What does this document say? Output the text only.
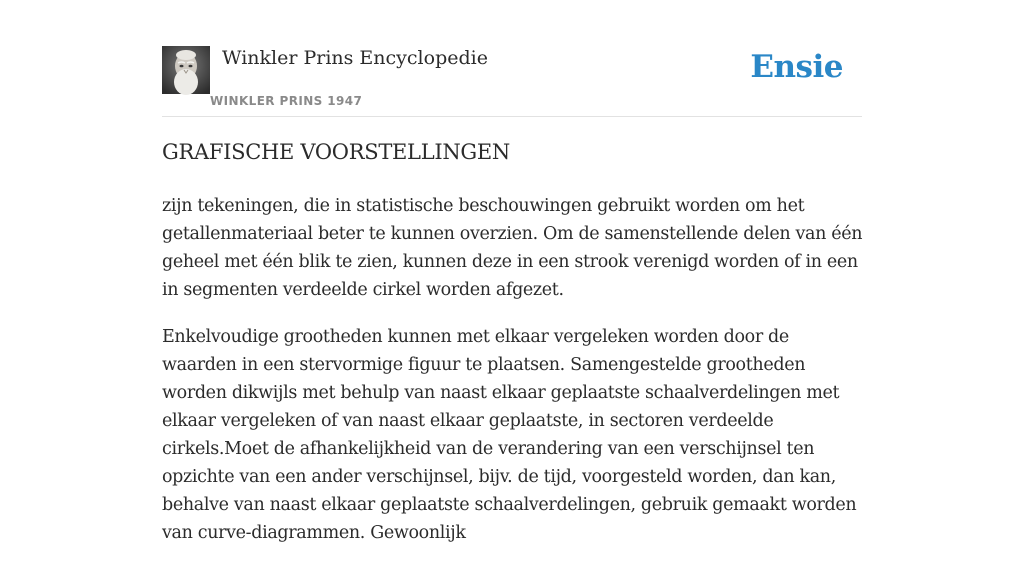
Winkler Prins Encyclopedie
WINKLER PRINS 1947
Ensie
GRAFISCHE VOORSTELLINGEN

zijn tekeningen, die in statistische beschouwingen gebruikt worden om het getallenmateriaal beter te kunnen overzien. Om de samenstellende delen van één geheel met één blik te zien, kunnen deze in een strook verenigd worden of in een in segmenten verdeelde cirkel worden afgezet.

Enkelvoudige grootheden kunnen met elkaar vergeleken worden door de waarden in een stervormige figuur te plaatsen. Samengestelde grootheden worden dikwijls met behulp van naast elkaar geplaatste schaalverdelingen met elkaar vergeleken of van naast elkaar geplaatste, in sectoren verdeelde cirkels.Moet de afhankelijkheid van de verandering van een verschijnsel ten opzichte van een ander verschijnsel, bijv. de tijd, voorgesteld worden, dan kan, behalve van naast elkaar geplaatste schaalverdelingen, gebruik gemaakt worden van curve-diagrammen. Gewoonlijk
